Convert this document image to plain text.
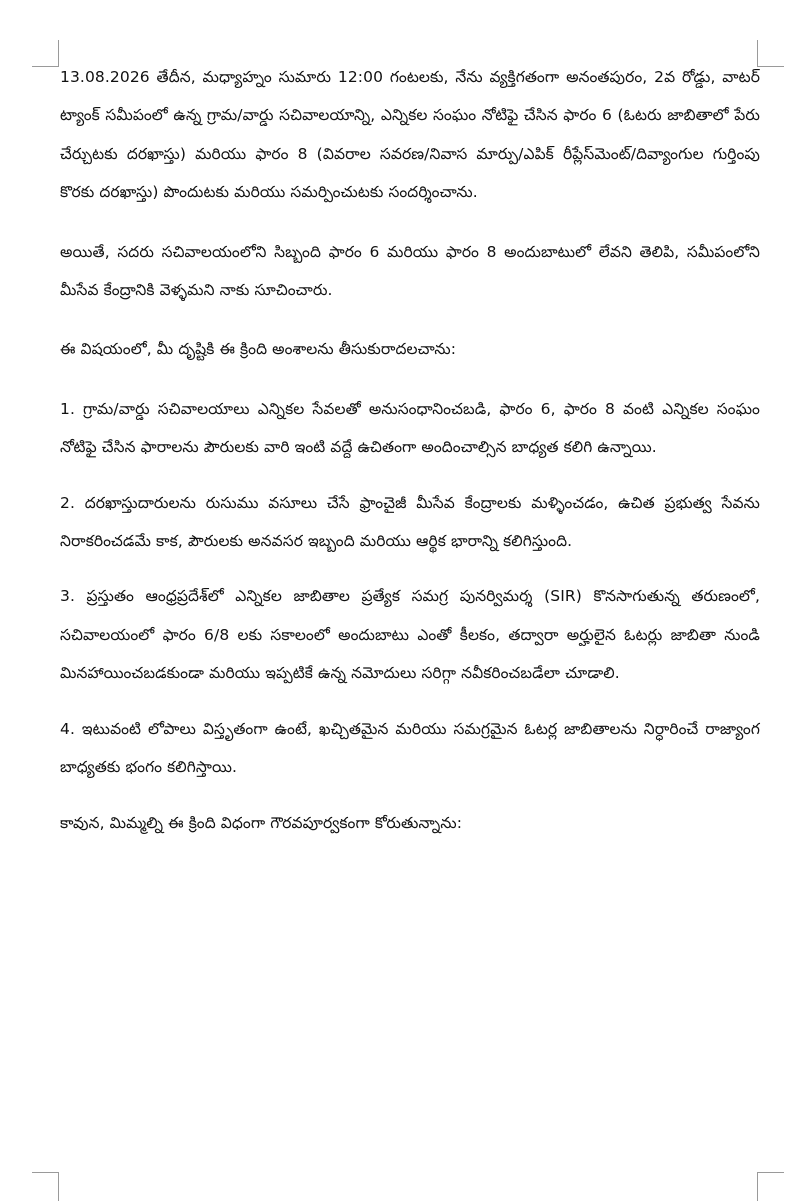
13.08.2026 తేదీన, మధ్యాహ్నం సుమారు 12:00 గంటలకు, నేను వ్యక్తిగతంగా అనంతపురం, 2వ రోడ్డు, వాటర్ ట్యాంక్ సమీపంలో ఉన్న గ్రామ/వార్డు సచివాలయాన్ని, ఎన్నికల సంఘం నోటిఫై చేసిన ఫారం 6 (ఓటరు జాబితాలో పేరు చేర్చుటకు దరఖాస్తు) మరియు ఫారం 8 (వివరాల సవరణ/నివాస మార్పు/ఎపిక్ రీప్లేస్‌మెంట్/దివ్యాంగుల గుర్తింపు కొరకు దరఖాస్తు) పొందుటకు మరియు సమర్పించుటకు సందర్శించాను.

అయితే, సదరు సచివాలయంలోని సిబ్బంది ఫారం 6 మరియు ఫారం 8 అందుబాటులో లేవని తెలిపి, సమీపంలోని మీసేవ కేంద్రానికి వెళ్ళమని నాకు సూచించారు.

ఈ విషయంలో, మీ దృష్టికి ఈ క్రింది అంశాలను తీసుకురాదలచాను:

1. గ్రామ/వార్డు సచివాలయాలు ఎన్నికల సేవలతో అనుసంధానించబడి, ఫారం 6, ఫారం 8 వంటి ఎన్నికల సంఘం నోటిఫై చేసిన ఫారాలను పౌరులకు వారి ఇంటి వద్దే ఉచితంగా అందించాల్సిన బాధ్యత కలిగి ఉన్నాయి.

2. దరఖాస్తుదారులను రుసుము వసూలు చేసే ఫ్రాంచైజీ మీసేవ కేంద్రాలకు మళ్ళించడం, ఉచిత ప్రభుత్వ సేవను నిరాకరించడమే కాక, పౌరులకు అనవసర ఇబ్బంది మరియు ఆర్థిక భారాన్ని కలిగిస్తుంది.

3. ప్రస్తుతం ఆంధ్రప్రదేశ్‌లో ఎన్నికల జాబితాల ప్రత్యేక సమగ్ర పునర్విమర్శ (SIR) కొనసాగుతున్న తరుణంలో, సచివాలయంలో ఫారం 6/8 లకు సకాలంలో అందుబాటు ఎంతో కీలకం, తద్వారా అర్హులైన ఓటర్లు జాబితా నుండి మినహాయించబడకుండా మరియు ఇప్పటికే ఉన్న నమోదులు సరిగ్గా నవీకరించబడేలా చూడాలి.

4. ఇటువంటి లోపాలు విస్తృతంగా ఉంటే, ఖచ్చితమైన మరియు సమగ్రమైన ఓటర్ల జాబితాలను నిర్ధారించే రాజ్యాంగ బాధ్యతకు భంగం కలిగిస్తాయి.

కావున, మిమ్మల్ని ఈ క్రింది విధంగా గౌరవపూర్వకంగా కోరుతున్నాను:
